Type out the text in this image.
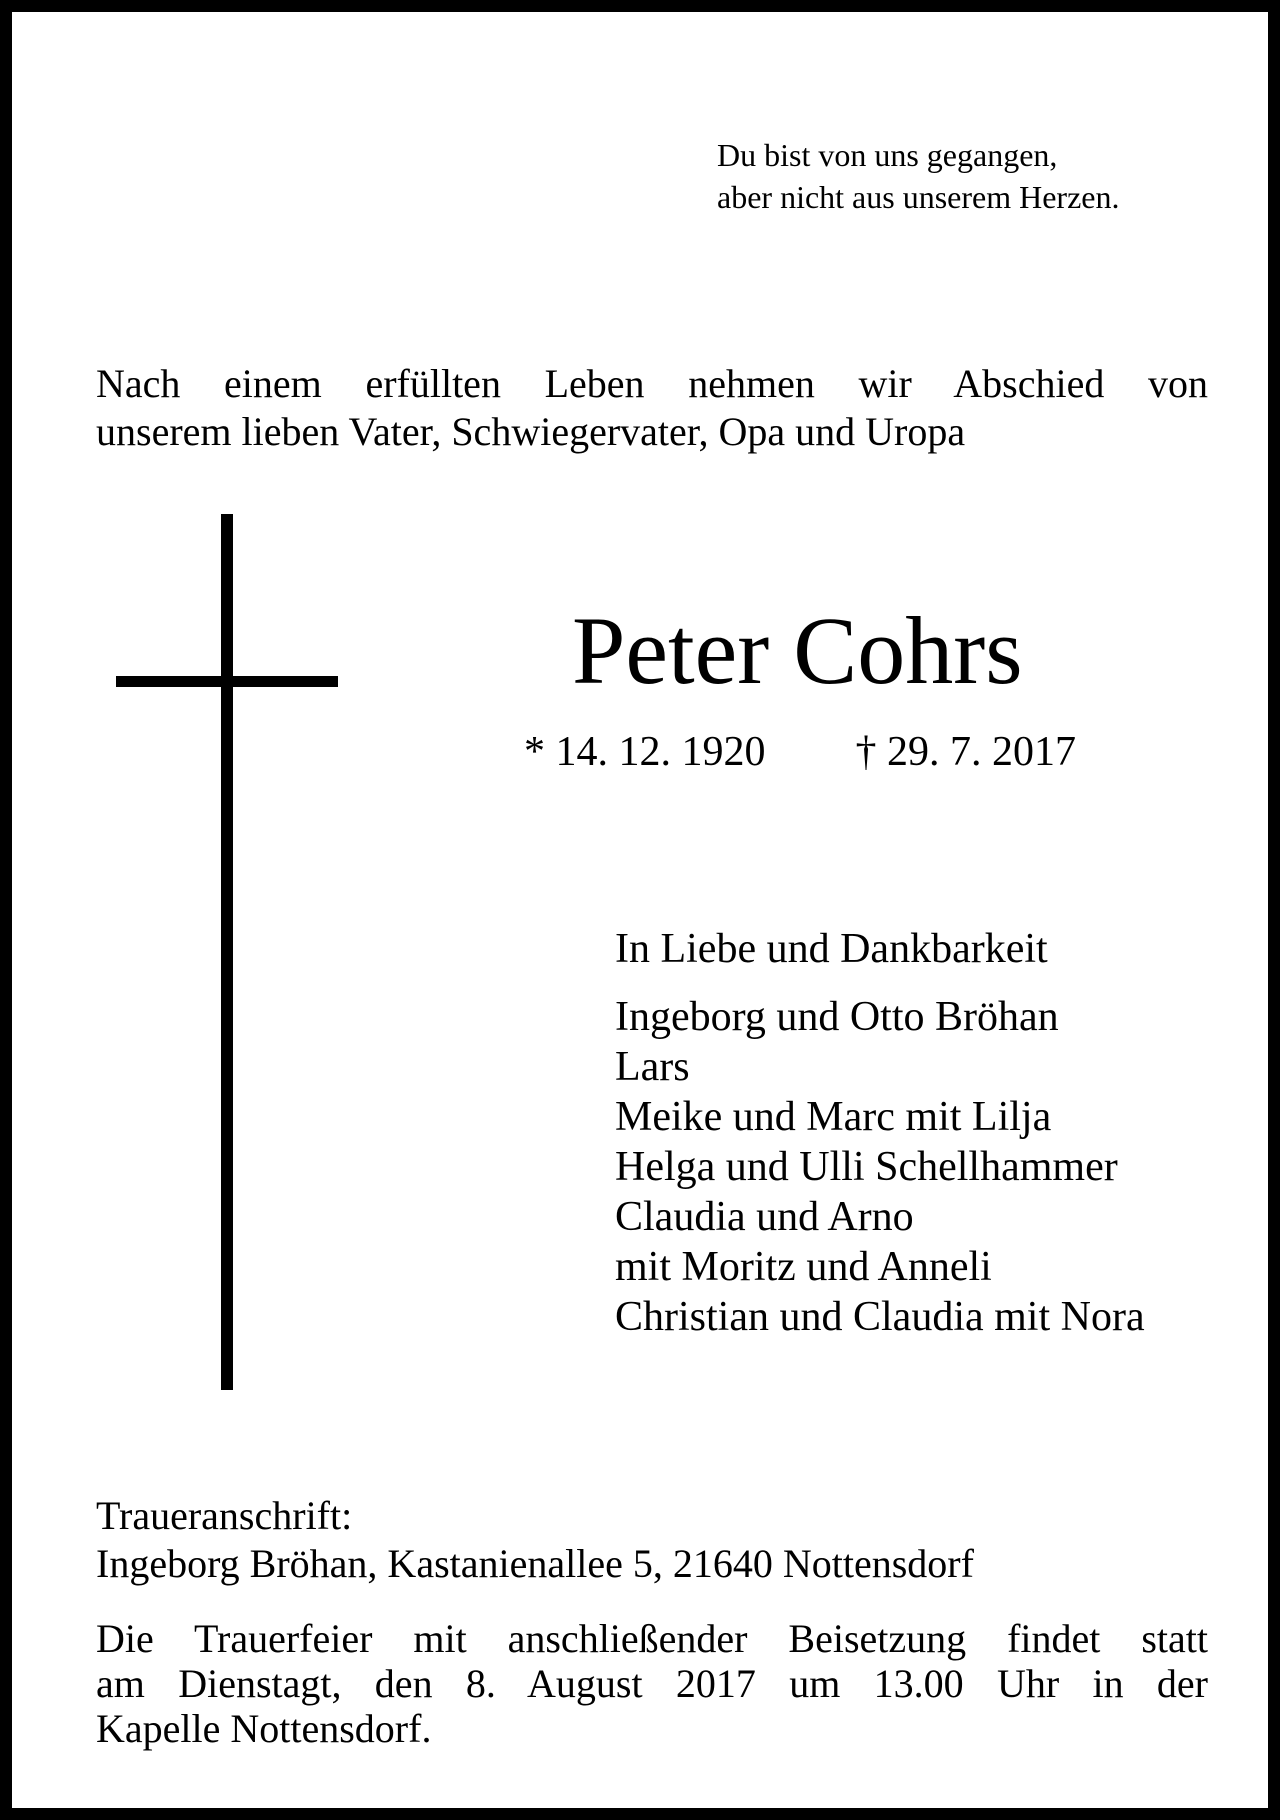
Du bist von uns gegangen,
aber nicht aus unserem Herzen.
Nach einem erfüllten Leben nehmen wir Abschied von
unserem lieben Vater, Schwiegervater, Opa und Uropa
Peter Cohrs
* 14. 12. 1920 † 29. 7. 2017
In Liebe und Dankbarkeit
Ingeborg und Otto Bröhan
Lars
Meike und Marc mit Lilja
Helga und Ulli Schellhammer
Claudia und Arno
mit Moritz und Anneli
Christian und Claudia mit Nora
Traueranschrift:
Ingeborg Bröhan, Kastanienallee 5, 21640 Nottensdorf
Die Trauerfeier mit anschließender Beisetzung findet statt
am Dienstagt, den 8. August 2017 um 13.00 Uhr in der
Kapelle Nottensdorf.
